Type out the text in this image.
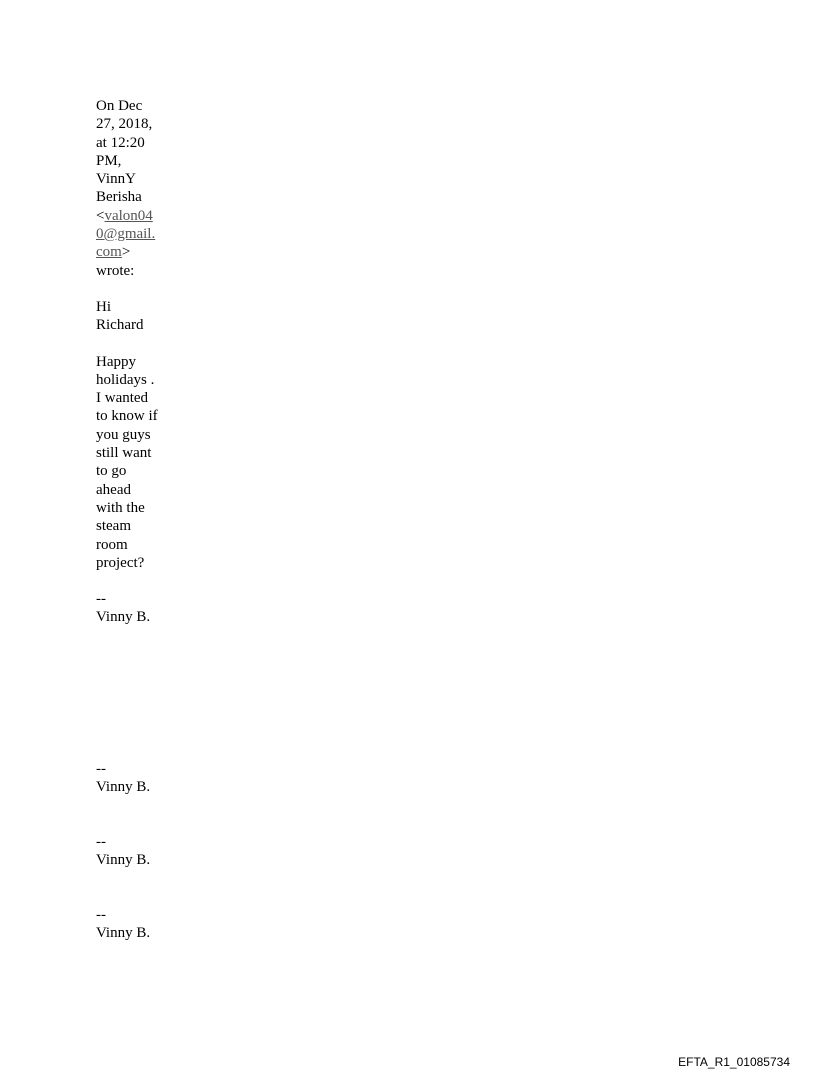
On Dec 27, 2018, at 12:20 PM, VinnY Berisha <valon040@gmail.com> wrote:

Hi Richard

Happy holidays . I wanted to know if you guys still want to go ahead with the steam room project?

--

Vinny B.

--

Vinny B.

--

Vinny B.

--

Vinny B.

EFTA_R1_01085734
